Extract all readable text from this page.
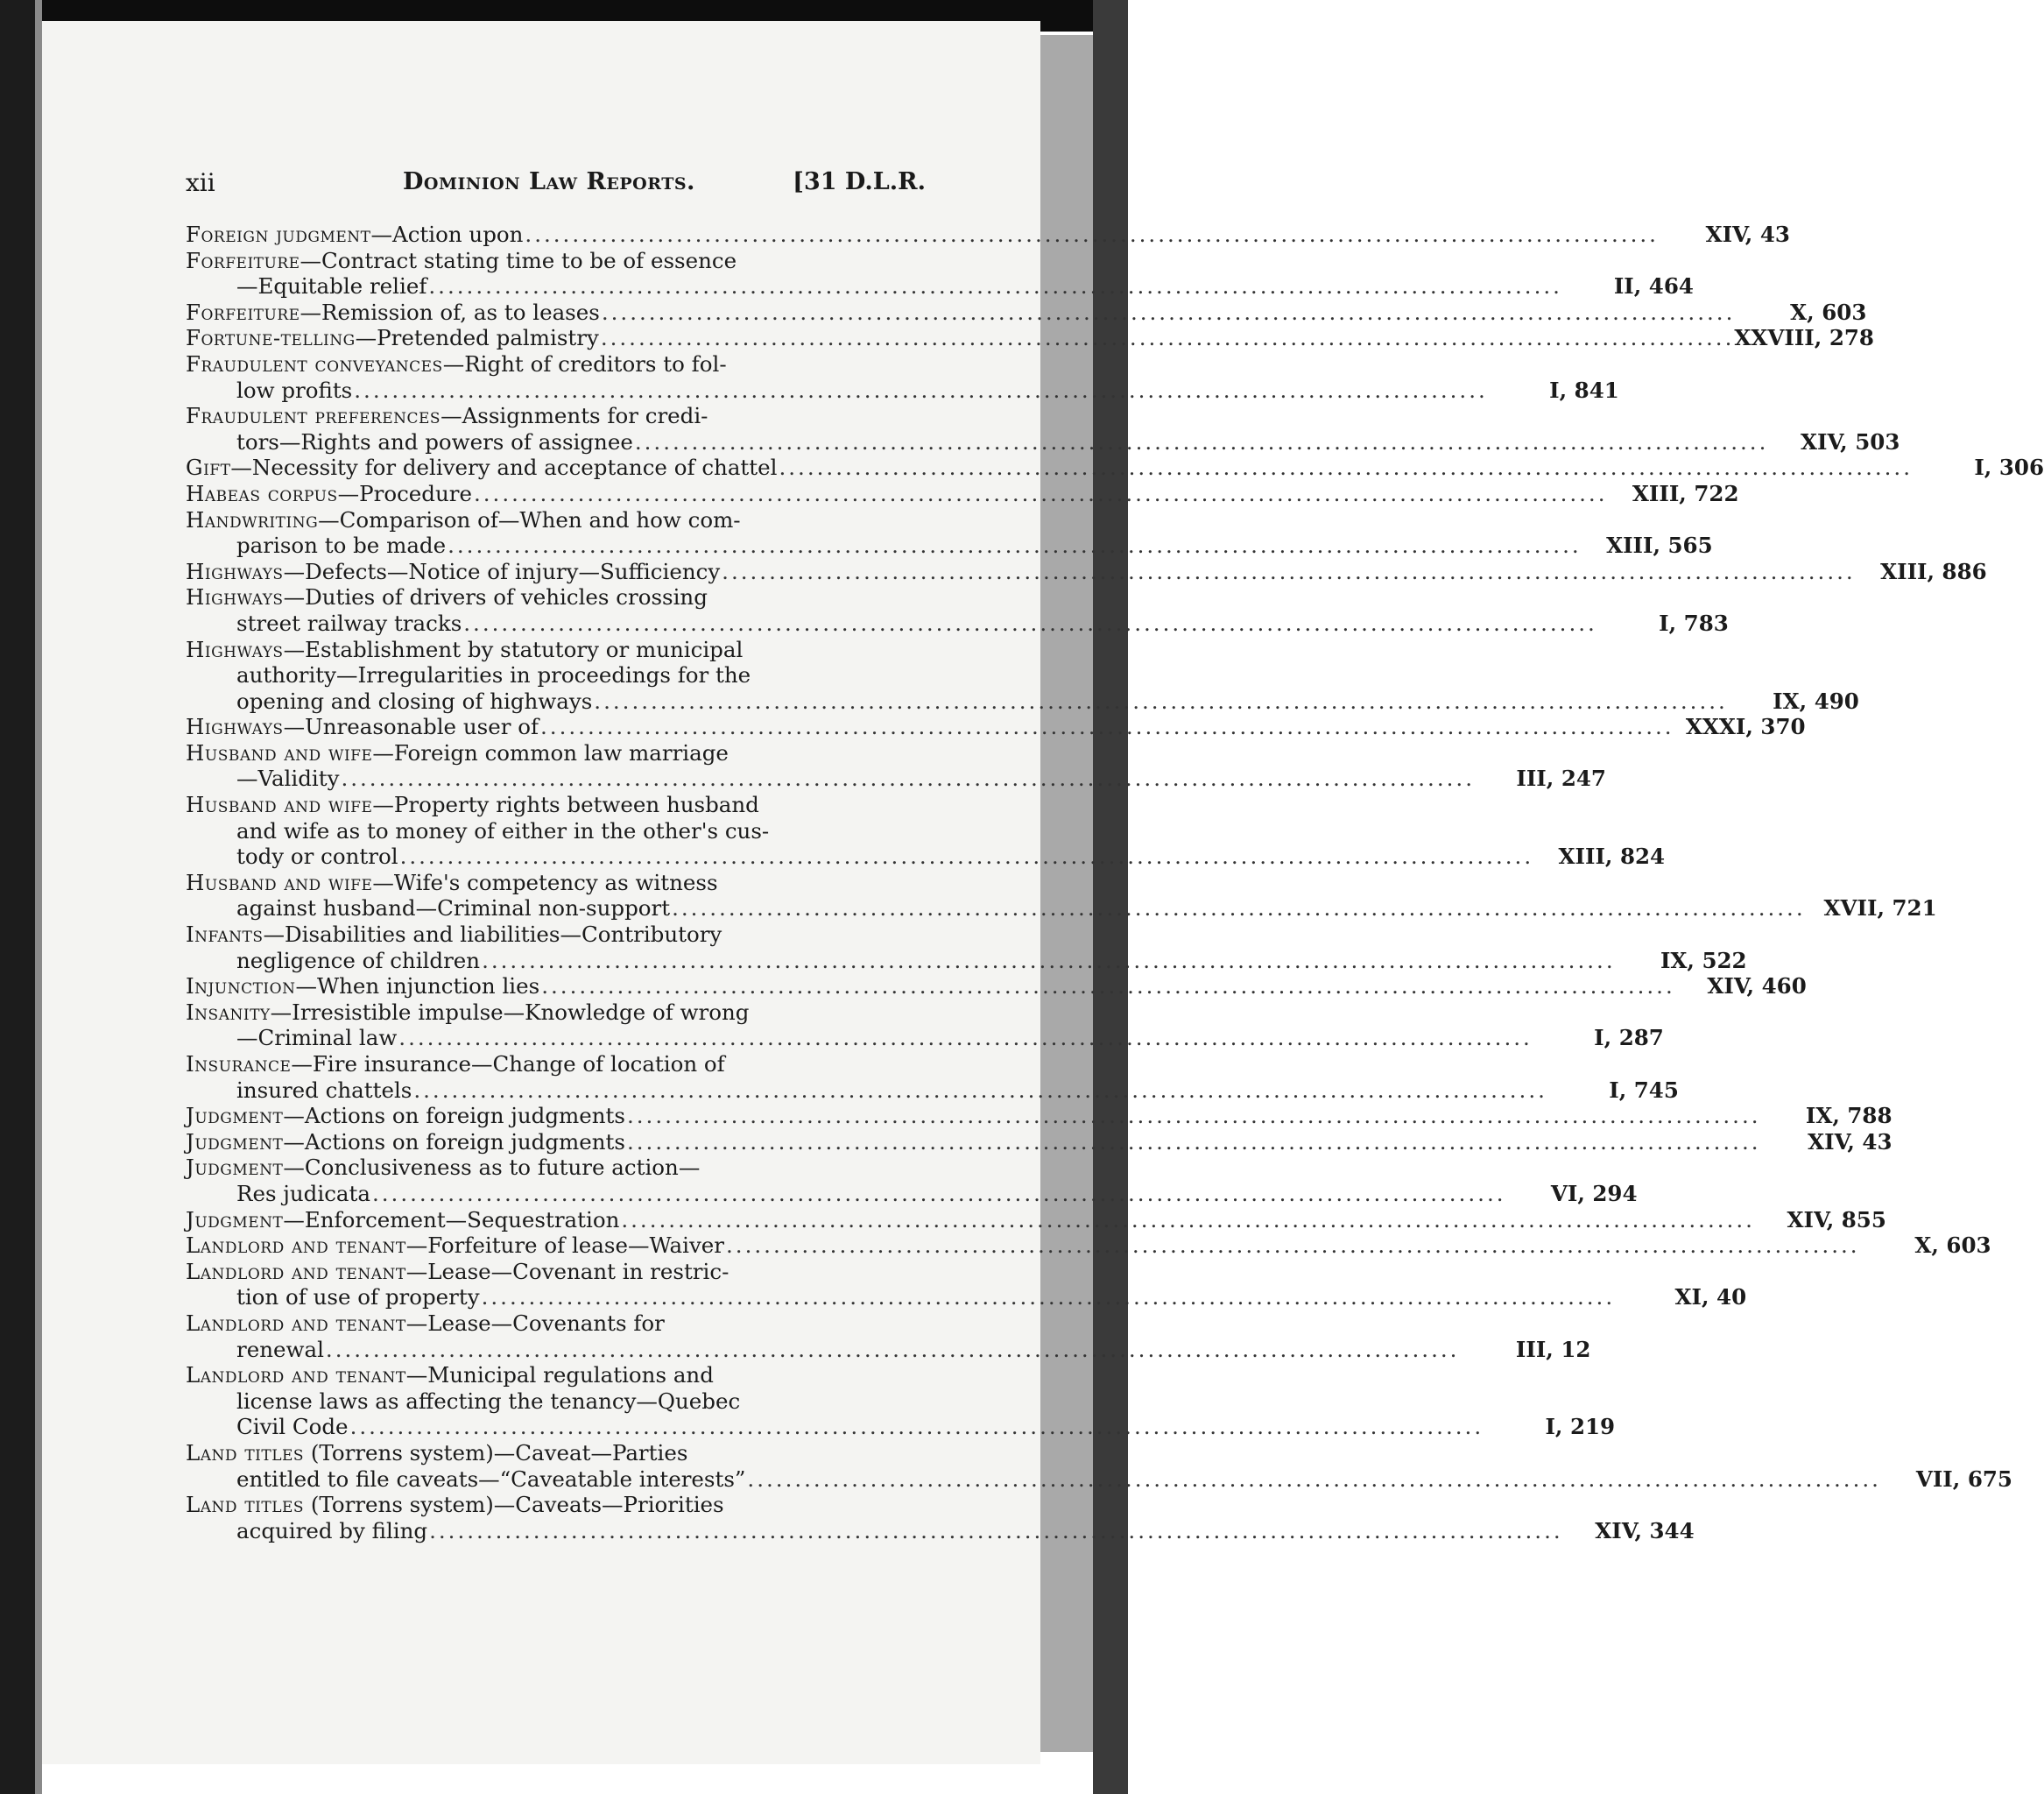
xii	Dominion Law Reports.	[31 D.L.R.
Foreign judgment—Action upon ........................................................................................................................	XIV, 43
Forfeiture—Contract stating time to be of essence
—Equitable relief ........................................................................................................................	II, 464
Forfeiture—Remission of, as to leases ........................................................................................................................	X, 603
Fortune-telling—Pretended palmistry ........................................................................................................................ XXVIII, 278
Fraudulent conveyances—Right of creditors to fol-
low profits ........................................................................................................................	I, 841
Fraudulent preferences—Assignments for credi-
tors—Rights and powers of assignee ........................................................................................................................	XIV, 503
Gift—Necessity for delivery and acceptance of chattel ........................................................................................................................	I, 306
Habeas corpus—Procedure ........................................................................................................................	XIII, 722
Handwriting—Comparison of—When and how com-
parison to be made ........................................................................................................................	XIII, 565
Highways—Defects—Notice of injury—Sufficiency ........................................................................................................................	XIII, 886
Highways—Duties of drivers of vehicles crossing
street railway tracks ........................................................................................................................	I, 783
Highways—Establishment by statutory or municipal
authority—Irregularities in proceedings for the
opening and closing of highways ........................................................................................................................	IX, 490
Highways—Unreasonable user of ........................................................................................................................ XXXI, 370
Husband and wife—Foreign common law marriage
—Validity ........................................................................................................................	III, 247
Husband and wife—Property rights between husband
and wife as to money of either in the other's cus-
tody or control ........................................................................................................................	XIII, 824
Husband and wife—Wife's competency as witness
against husband—Criminal non-support ........................................................................................................................ XVII, 721
Infants—Disabilities and liabilities—Contributory
negligence of children ........................................................................................................................	IX, 522
Injunction—When injunction lies ........................................................................................................................	XIV, 460
Insanity—Irresistible impulse—Knowledge of wrong
—Criminal law ........................................................................................................................	I, 287
Insurance—Fire insurance—Change of location of
insured chattels ........................................................................................................................	I, 745
Judgment—Actions on foreign judgments ........................................................................................................................	IX, 788
Judgment—Actions on foreign judgments ........................................................................................................................	XIV, 43
Judgment—Conclusiveness as to future action—
Res judicata ........................................................................................................................	VI, 294
Judgment—Enforcement—Sequestration ........................................................................................................................	XIV, 855
Landlord and tenant—Forfeiture of lease—Waiver ........................................................................................................................	X, 603
Landlord and tenant—Lease—Covenant in restric-
tion of use of property ........................................................................................................................	XI, 40
Landlord and tenant—Lease—Covenants for
renewal ........................................................................................................................	III, 12
Landlord and tenant—Municipal regulations and
license laws as affecting the tenancy—Quebec
Civil Code ........................................................................................................................	I, 219
Land titles (Torrens system)—Caveat—Parties
entitled to file caveats—“Caveatable interests” ........................................................................................................................	VII, 675
Land titles (Torrens system)—Caveats—Priorities
acquired by filing ........................................................................................................................	XIV, 344
